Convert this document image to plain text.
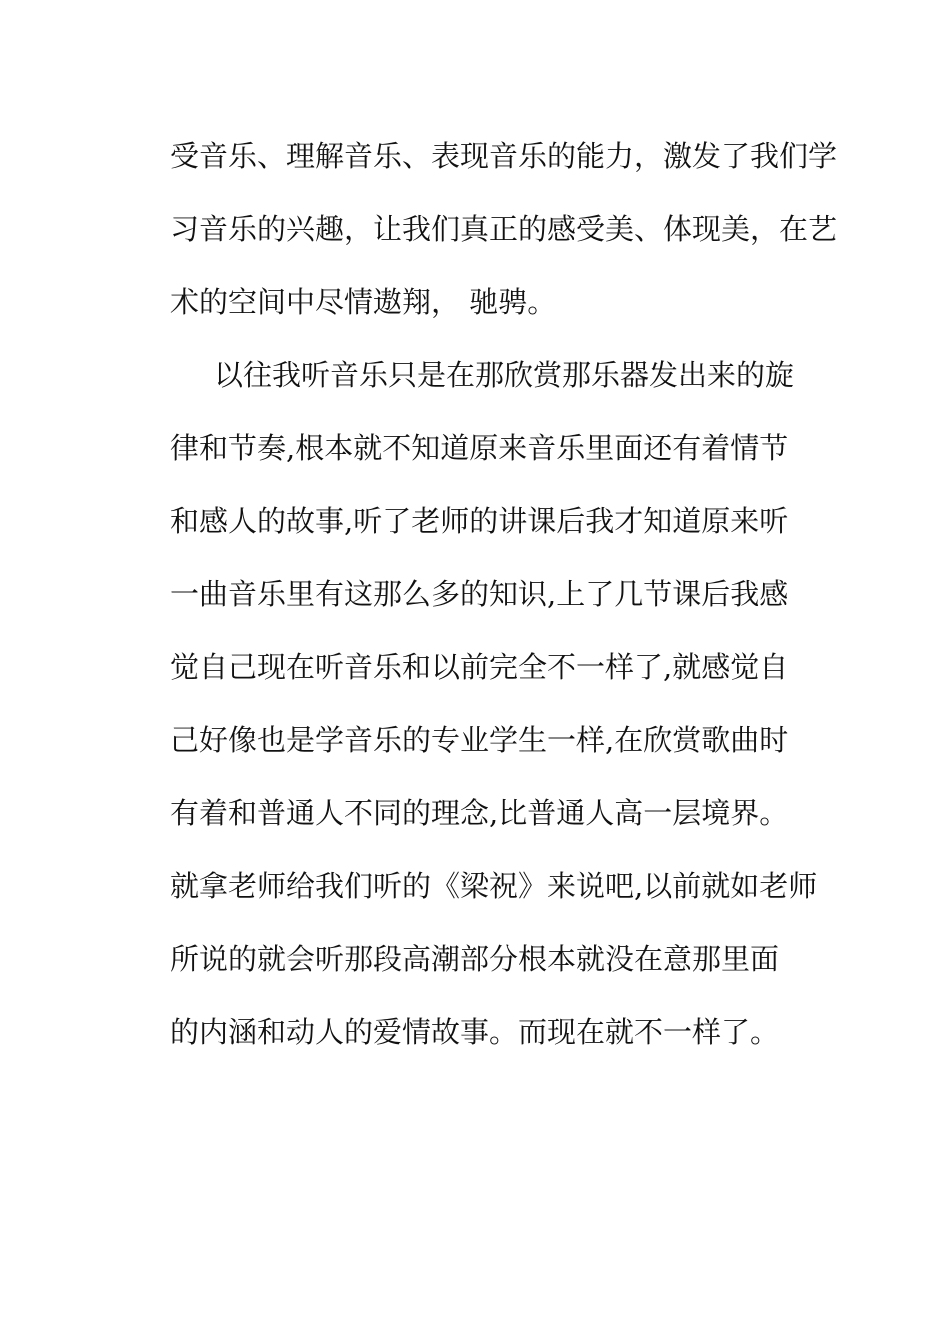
受音乐、理解音乐、表现音乐的能力，激发了我们学
习音乐的兴趣，让我们真正的感受美、体现美，在艺
术的空间中尽情遨翔， 驰骋。
以往我听音乐只是在那欣赏那乐器发出来的旋
律和节奏,根本就不知道原来音乐里面还有着情节
和感人的故事,听了老师的讲课后我才知道原来听
一曲音乐里有这那么多的知识,上了几节课后我感
觉自己现在听音乐和以前完全不一样了,就感觉自
己好像也是学音乐的专业学生一样,在欣赏歌曲时
有着和普通人不同的理念,比普通人高一层境界。
就拿老师给我们听的《梁祝》来说吧,以前就如老师
所说的就会听那段高潮部分根本就没在意那里面
的内涵和动人的爱情故事。而现在就不一样了。
